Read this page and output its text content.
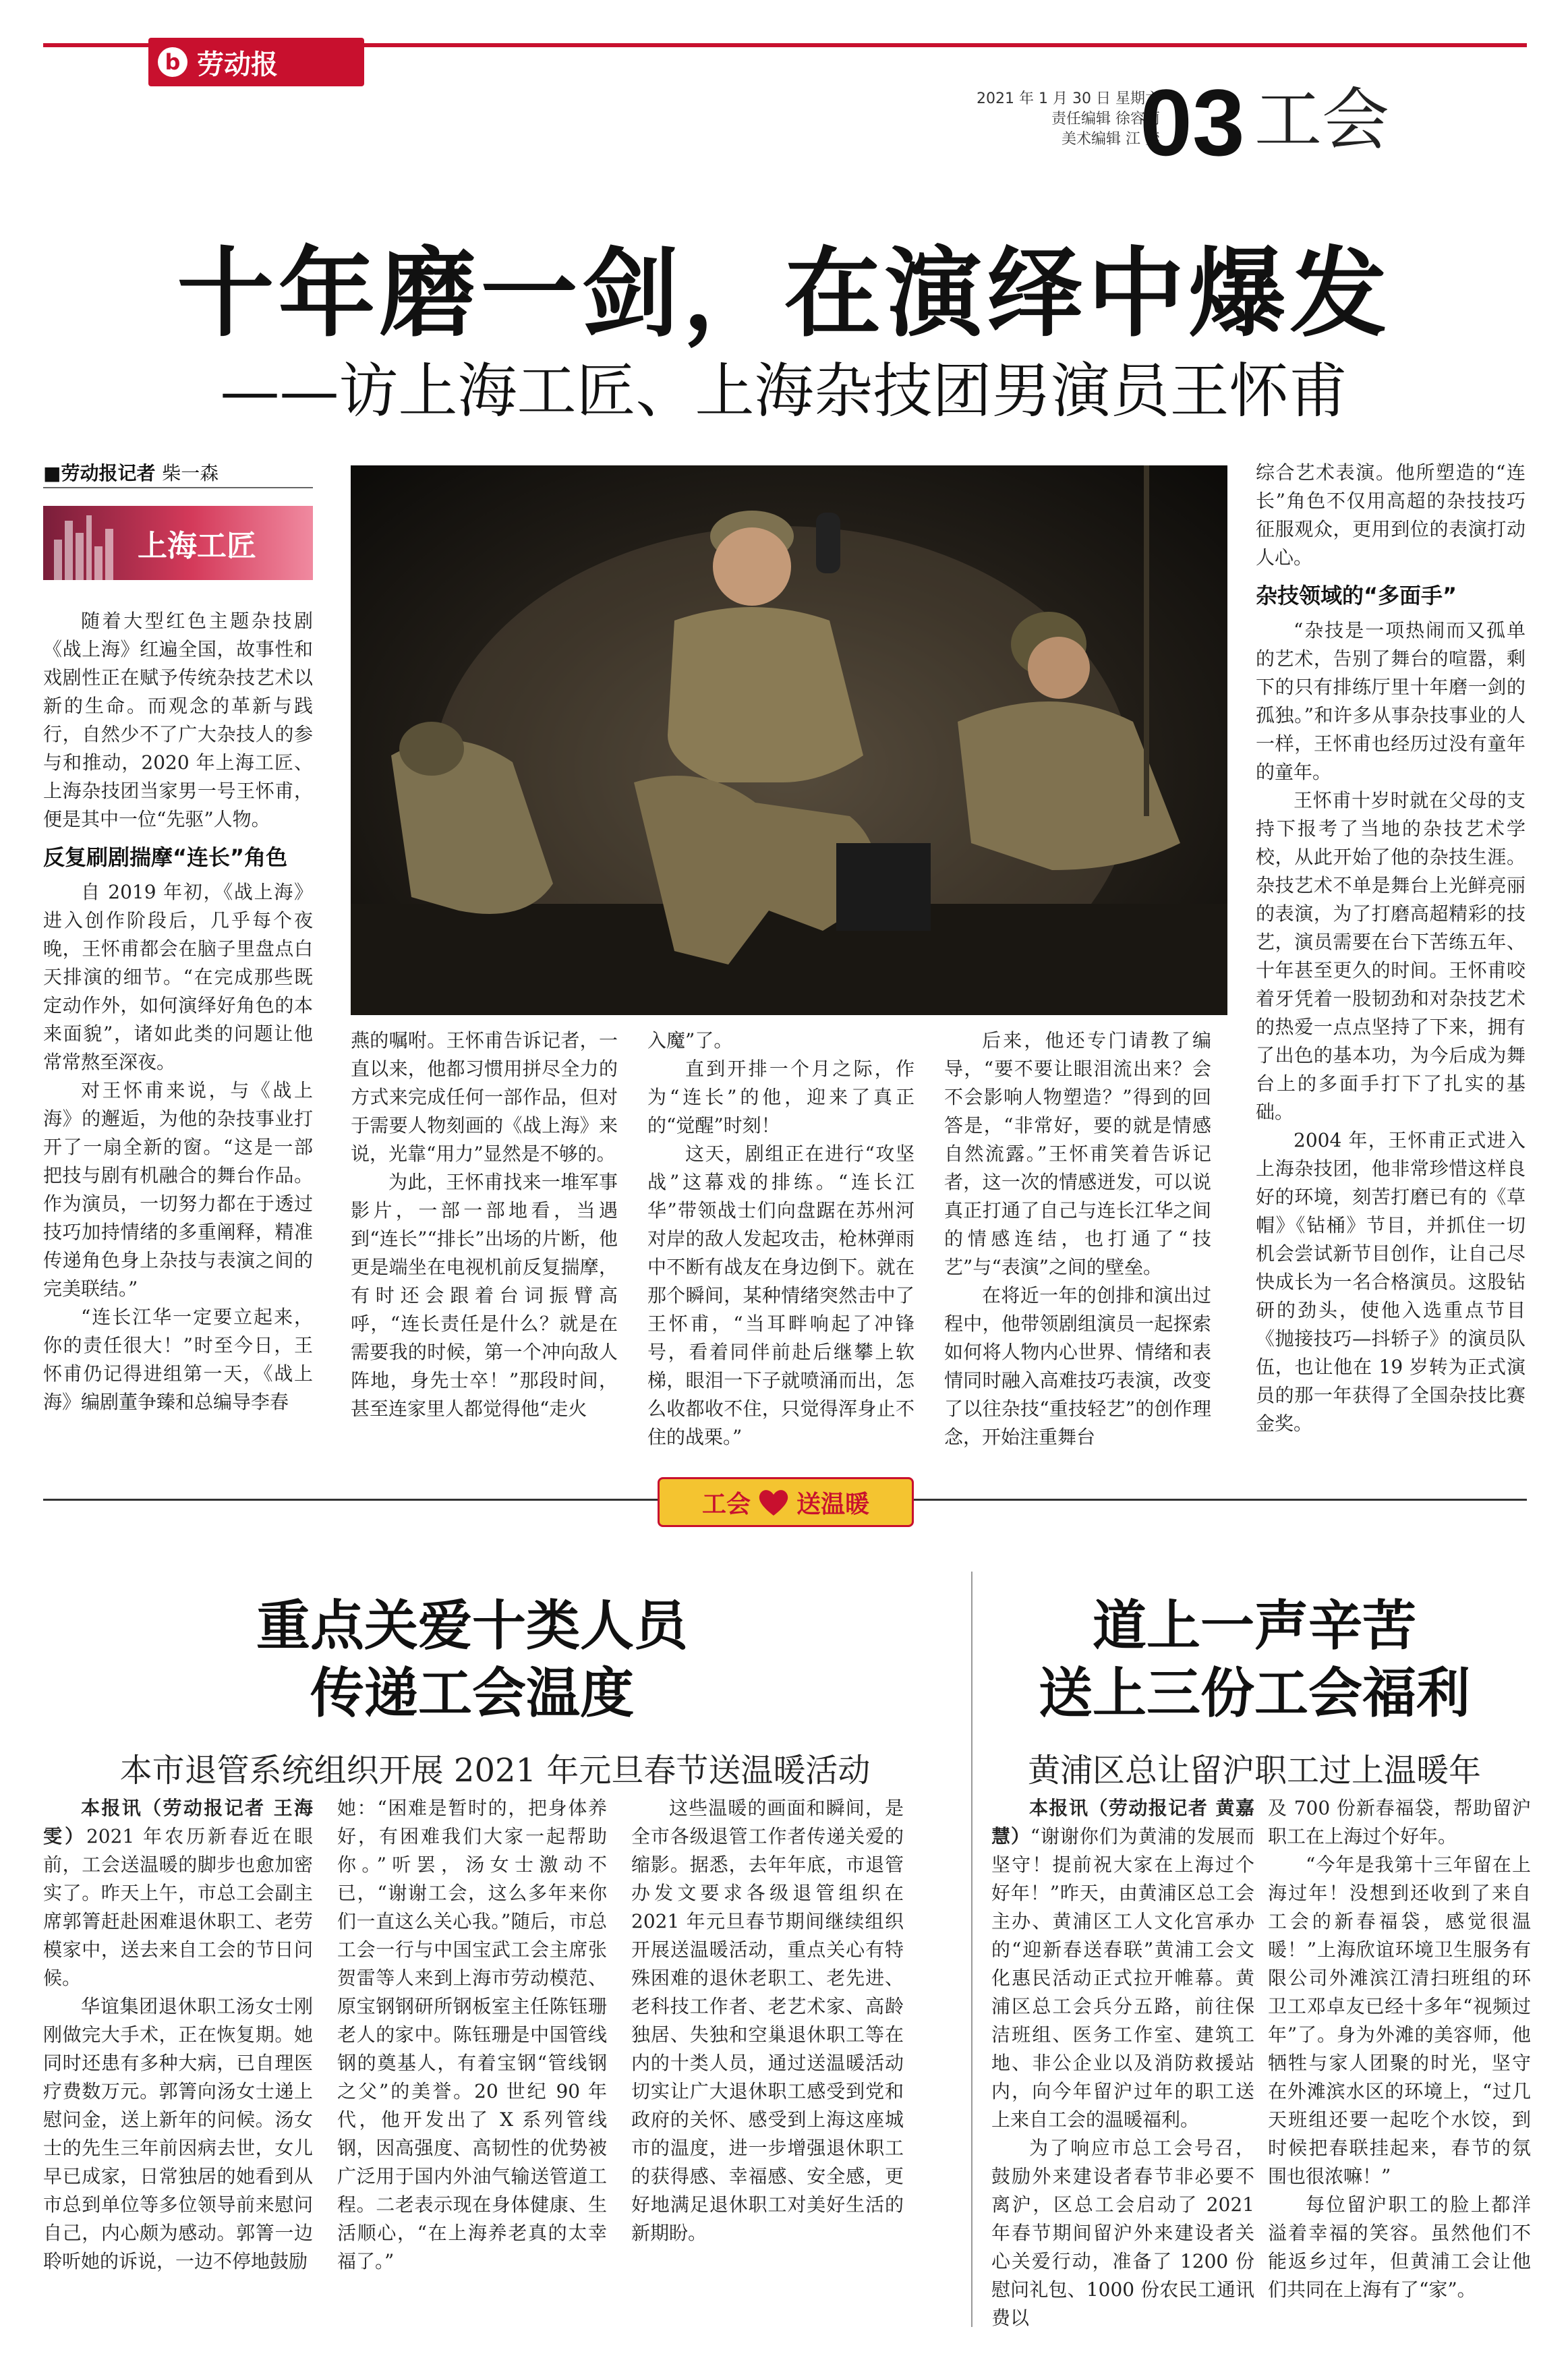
b 劳动报
2021 年 1 月 30 日 星期六
责任编辑 徐容莉
美术编辑 江 奕
03 工会
十年磨一剑，在演绎中爆发
——访上海工匠、上海杂技团男演员王怀甫
■劳动报记者 柴一森
上海工匠

随着大型红色主题杂技剧《战上海》红遍全国，故事性和戏剧性正在赋予传统杂技艺术以新的生命。而观念的革新与践行，自然少不了广大杂技人的参与和推动，2020 年上海工匠、上海杂技团当家男一号王怀甫，便是其中一位“先驱”人物。

反复刷剧揣摩“连长”角色

自 2019 年初，《战上海》进入创作阶段后，几乎每个夜晚，王怀甫都会在脑子里盘点白天排演的细节。“在完成那些既定动作外，如何演绎好角色的本来面貌”，诸如此类的问题让他常常熬至深夜。

对王怀甫来说，与《战上海》的邂逅，为他的杂技事业打开了一扇全新的窗。“这是一部把技与剧有机融合的舞台作品。作为演员，一切努力都在于透过技巧加持情绪的多重阐释，精准传递角色身上杂技与表演之间的完美联结。”

“连长江华一定要立起来，你的责任很大！”时至今日，王怀甫仍记得进组第一天，《战上海》编剧董争臻和总编导李春

燕的嘱咐。王怀甫告诉记者，一直以来，他都习惯用拼尽全力的方式来完成任何一部作品，但对于需要人物刻画的《战上海》来说，光靠“用力”显然是不够的。

为此，王怀甫找来一堆军事影片，一部一部地看，当遇到“连长”“排长”出场的片断，他更是端坐在电视机前反复揣摩，有时还会跟着台词振臂高呼，“连长责任是什么？就是在需要我的时候，第一个冲向敌人阵地，身先士卒！”那段时间，甚至连家里人都觉得他“走火

入魔”了。

直到开排一个月之际，作为“连长”的他，迎来了真正的“觉醒”时刻！

这天，剧组正在进行“攻坚战”这幕戏的排练。“连长江华”带领战士们向盘踞在苏州河对岸的敌人发起攻击，枪林弹雨中不断有战友在身边倒下。就在那个瞬间，某种情绪突然击中了王怀甫，“当耳畔响起了冲锋号，看着同伴前赴后继攀上软梯，眼泪一下子就喷涌而出，怎么收都收不住，只觉得浑身止不住的战栗。”

后来，他还专门请教了编导，“要不要让眼泪流出来？会不会影响人物塑造？”得到的回答是，“非常好，要的就是情感自然流露。”王怀甫笑着告诉记者，这一次的情感迸发，可以说真正打通了自己与连长江华之间的情感连结，也打通了“技艺”与“表演”之间的壁垒。

在将近一年的创排和演出过程中，他带领剧组演员一起探索如何将人物内心世界、情绪和表情同时融入高难技巧表演，改变了以往杂技“重技轻艺”的创作理念，开始注重舞台

综合艺术表演。他所塑造的“连长”角色不仅用高超的杂技技巧征服观众，更用到位的表演打动人心。

杂技领域的“多面手”

“杂技是一项热闹而又孤单的艺术，告别了舞台的喧嚣，剩下的只有排练厅里十年磨一剑的孤独。”和许多从事杂技事业的人一样，王怀甫也经历过没有童年的童年。

王怀甫十岁时就在父母的支持下报考了当地的杂技艺术学校，从此开始了他的杂技生涯。杂技艺术不单是舞台上光鲜亮丽的表演，为了打磨高超精彩的技艺，演员需要在台下苦练五年、十年甚至更久的时间。王怀甫咬着牙凭着一股韧劲和对杂技艺术的热爱一点点坚持了下来，拥有了出色的基本功，为今后成为舞台上的多面手打下了扎实的基础。

2004 年，王怀甫正式进入上海杂技团，他非常珍惜这样良好的环境，刻苦打磨已有的《草帽》《钻桶》节目，并抓住一切机会尝试新节目创作，让自己尽快成长为一名合格演员。这股钻研的劲头，使他入选重点节目《抛接技巧—抖轿子》的演员队伍，也让他在 19 岁转为正式演员的那一年获得了全国杂技比赛金奖。

工会 送温暖
重点关爱十类人员
传递工会温度
本市退管系统组织开展 2021 年元旦春节送温暖活动

本报讯（劳动报记者 王海雯）2021 年农历新春近在眼前，工会送温暖的脚步也愈加密实了。昨天上午，市总工会副主席郭箐赶赴困难退休职工、老劳模家中，送去来自工会的节日问候。

华谊集团退休职工汤女士刚刚做完大手术，正在恢复期。她同时还患有多种大病，已自理医疗费数万元。郭箐向汤女士递上慰问金，送上新年的问候。汤女士的先生三年前因病去世，女儿早已成家，日常独居的她看到从市总到单位等多位领导前来慰问自己，内心颇为感动。郭箐一边聆听她的诉说，一边不停地鼓励

她：“困难是暂时的，把身体养好，有困难我们大家一起帮助你。”听罢，汤女士激动不已，“谢谢工会，这么多年来你们一直这么关心我。”随后，市总工会一行与中国宝武工会主席张贺雷等人来到上海市劳动模范、原宝钢钢研所钢板室主任陈钰珊老人的家中。陈钰珊是中国管线钢的奠基人，有着宝钢“管线钢之父”的美誉。20 世纪 90 年代，他开发出了 X 系列管线钢，因高强度、高韧性的优势被广泛用于国内外油气输送管道工程。二老表示现在身体健康、生活顺心，“在上海养老真的太幸福了。”

这些温暖的画面和瞬间，是全市各级退管工作者传递关爱的缩影。据悉，去年年底，市退管办发文要求各级退管组织在 2021 年元旦春节期间继续组织开展送温暖活动，重点关心有特殊困难的退休老职工、老先进、老科技工作者、老艺术家、高龄独居、失独和空巢退休职工等在内的十类人员，通过送温暖活动切实让广大退休职工感受到党和政府的关怀、感受到上海这座城市的温度，进一步增强退休职工的获得感、幸福感、安全感，更好地满足退休职工对美好生活的新期盼。

道上一声辛苦
送上三份工会福利
黄浦区总让留沪职工过上温暖年

本报讯（劳动报记者 黄嘉慧）“谢谢你们为黄浦的发展而坚守！提前祝大家在上海过个好年！”昨天，由黄浦区总工会主办、黄浦区工人文化宫承办的“迎新春送春联”黄浦工会文化惠民活动正式拉开帷幕。黄浦区总工会兵分五路，前往保洁班组、医务工作室、建筑工地、非公企业以及消防救援站内，向今年留沪过年的职工送上来自工会的温暖福利。

为了响应市总工会号召，鼓励外来建设者春节非必要不离沪，区总工会启动了 2021 年春节期间留沪外来建设者关心关爱行动，准备了 1200 份慰问礼包、1000 份农民工通讯费以

及 700 份新春福袋，帮助留沪职工在上海过个好年。

“今年是我第十三年留在上海过年！没想到还收到了来自工会的新春福袋，感觉很温暖！”上海欣谊环境卫生服务有限公司外滩滨江清扫班组的环卫工邓卓友已经十多年“视频过年”了。身为外滩的美容师，他牺牲与家人团聚的时光，坚守在外滩滨水区的环境上，“过几天班组还要一起吃个水饺，到时候把春联挂起来，春节的氛围也很浓嘛！”

每位留沪职工的脸上都洋溢着幸福的笑容。虽然他们不能返乡过年，但黄浦工会让他们共同在上海有了“家”。
